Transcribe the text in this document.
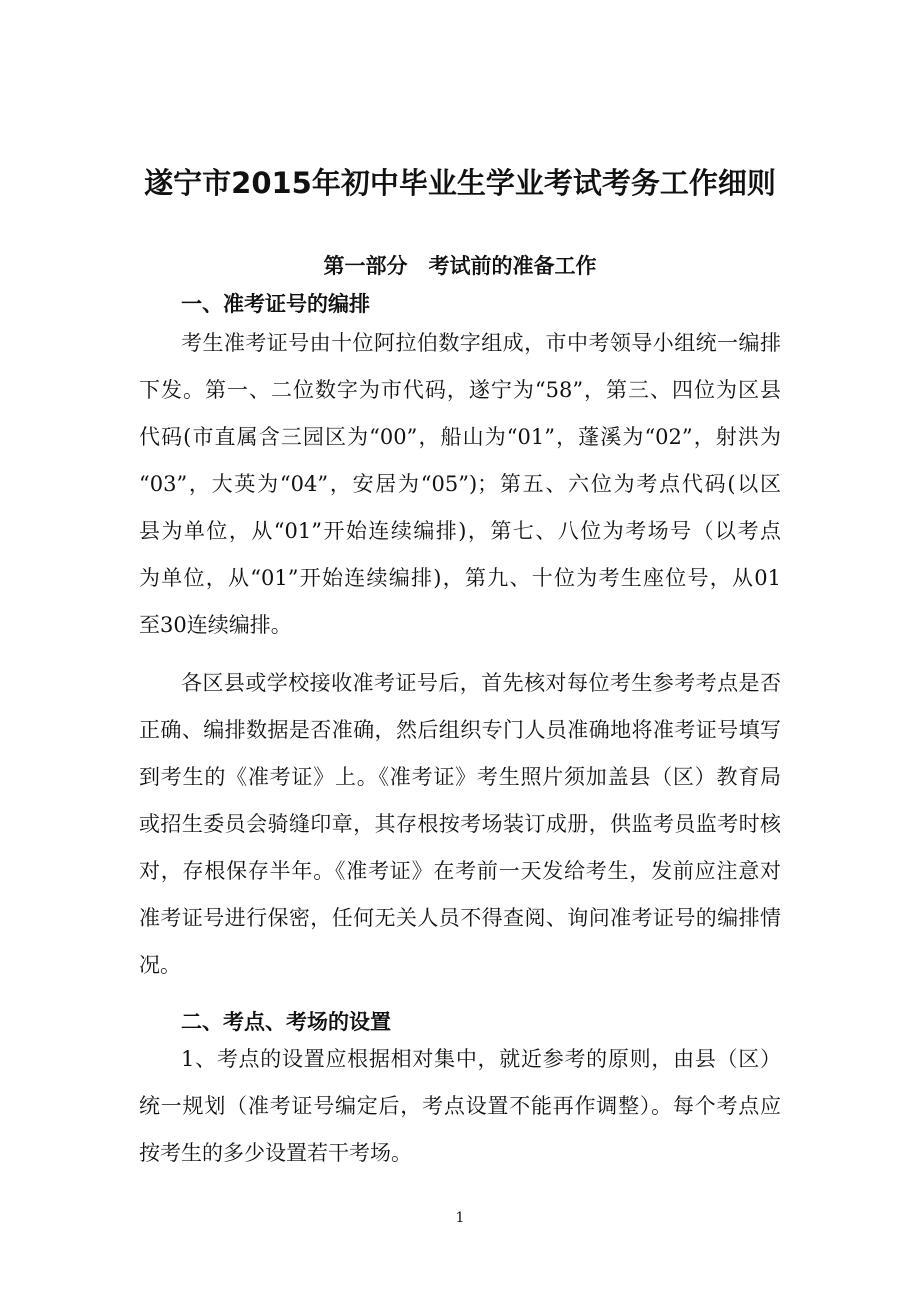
遂宁市2015年初中毕业生学业考试考务工作细则
第一部分　考试前的准备工作
一、准考证号的编排

考生准考证号由十位阿拉伯数字组成，市中考领导小组统一编排
下发。第一、二位数字为市代码，遂宁为“58”，第三、四位为区县
代码(市直属含三园区为“00”，船山为“01”，蓬溪为“02”，射洪为
“03”，大英为“04”，安居为“05”)；第五、六位为考点代码(以区
县为单位，从“01”开始连续编排)，第七、八位为考场号（以考点
为单位，从“01”开始连续编排)，第九、十位为考生座位号，从01
至30连续编排。

各区县或学校接收准考证号后，首先核对每位考生参考考点是否
正确、编排数据是否准确，然后组织专门人员准确地将准考证号填写
到考生的《准考证》上。《准考证》考生照片须加盖县（区）教育局
或招生委员会骑缝印章，其存根按考场装订成册，供监考员监考时核
对，存根保存半年。《准考证》在考前一天发给考生，发前应注意对
准考证号进行保密，任何无关人员不得查阅、询问准考证号的编排情
况。

二、考点、考场的设置

1、考点的设置应根据相对集中，就近参考的原则，由县（区）
统一规划（准考证号编定后，考点设置不能再作调整）。每个考点应
按考生的多少设置若干考场。

1
